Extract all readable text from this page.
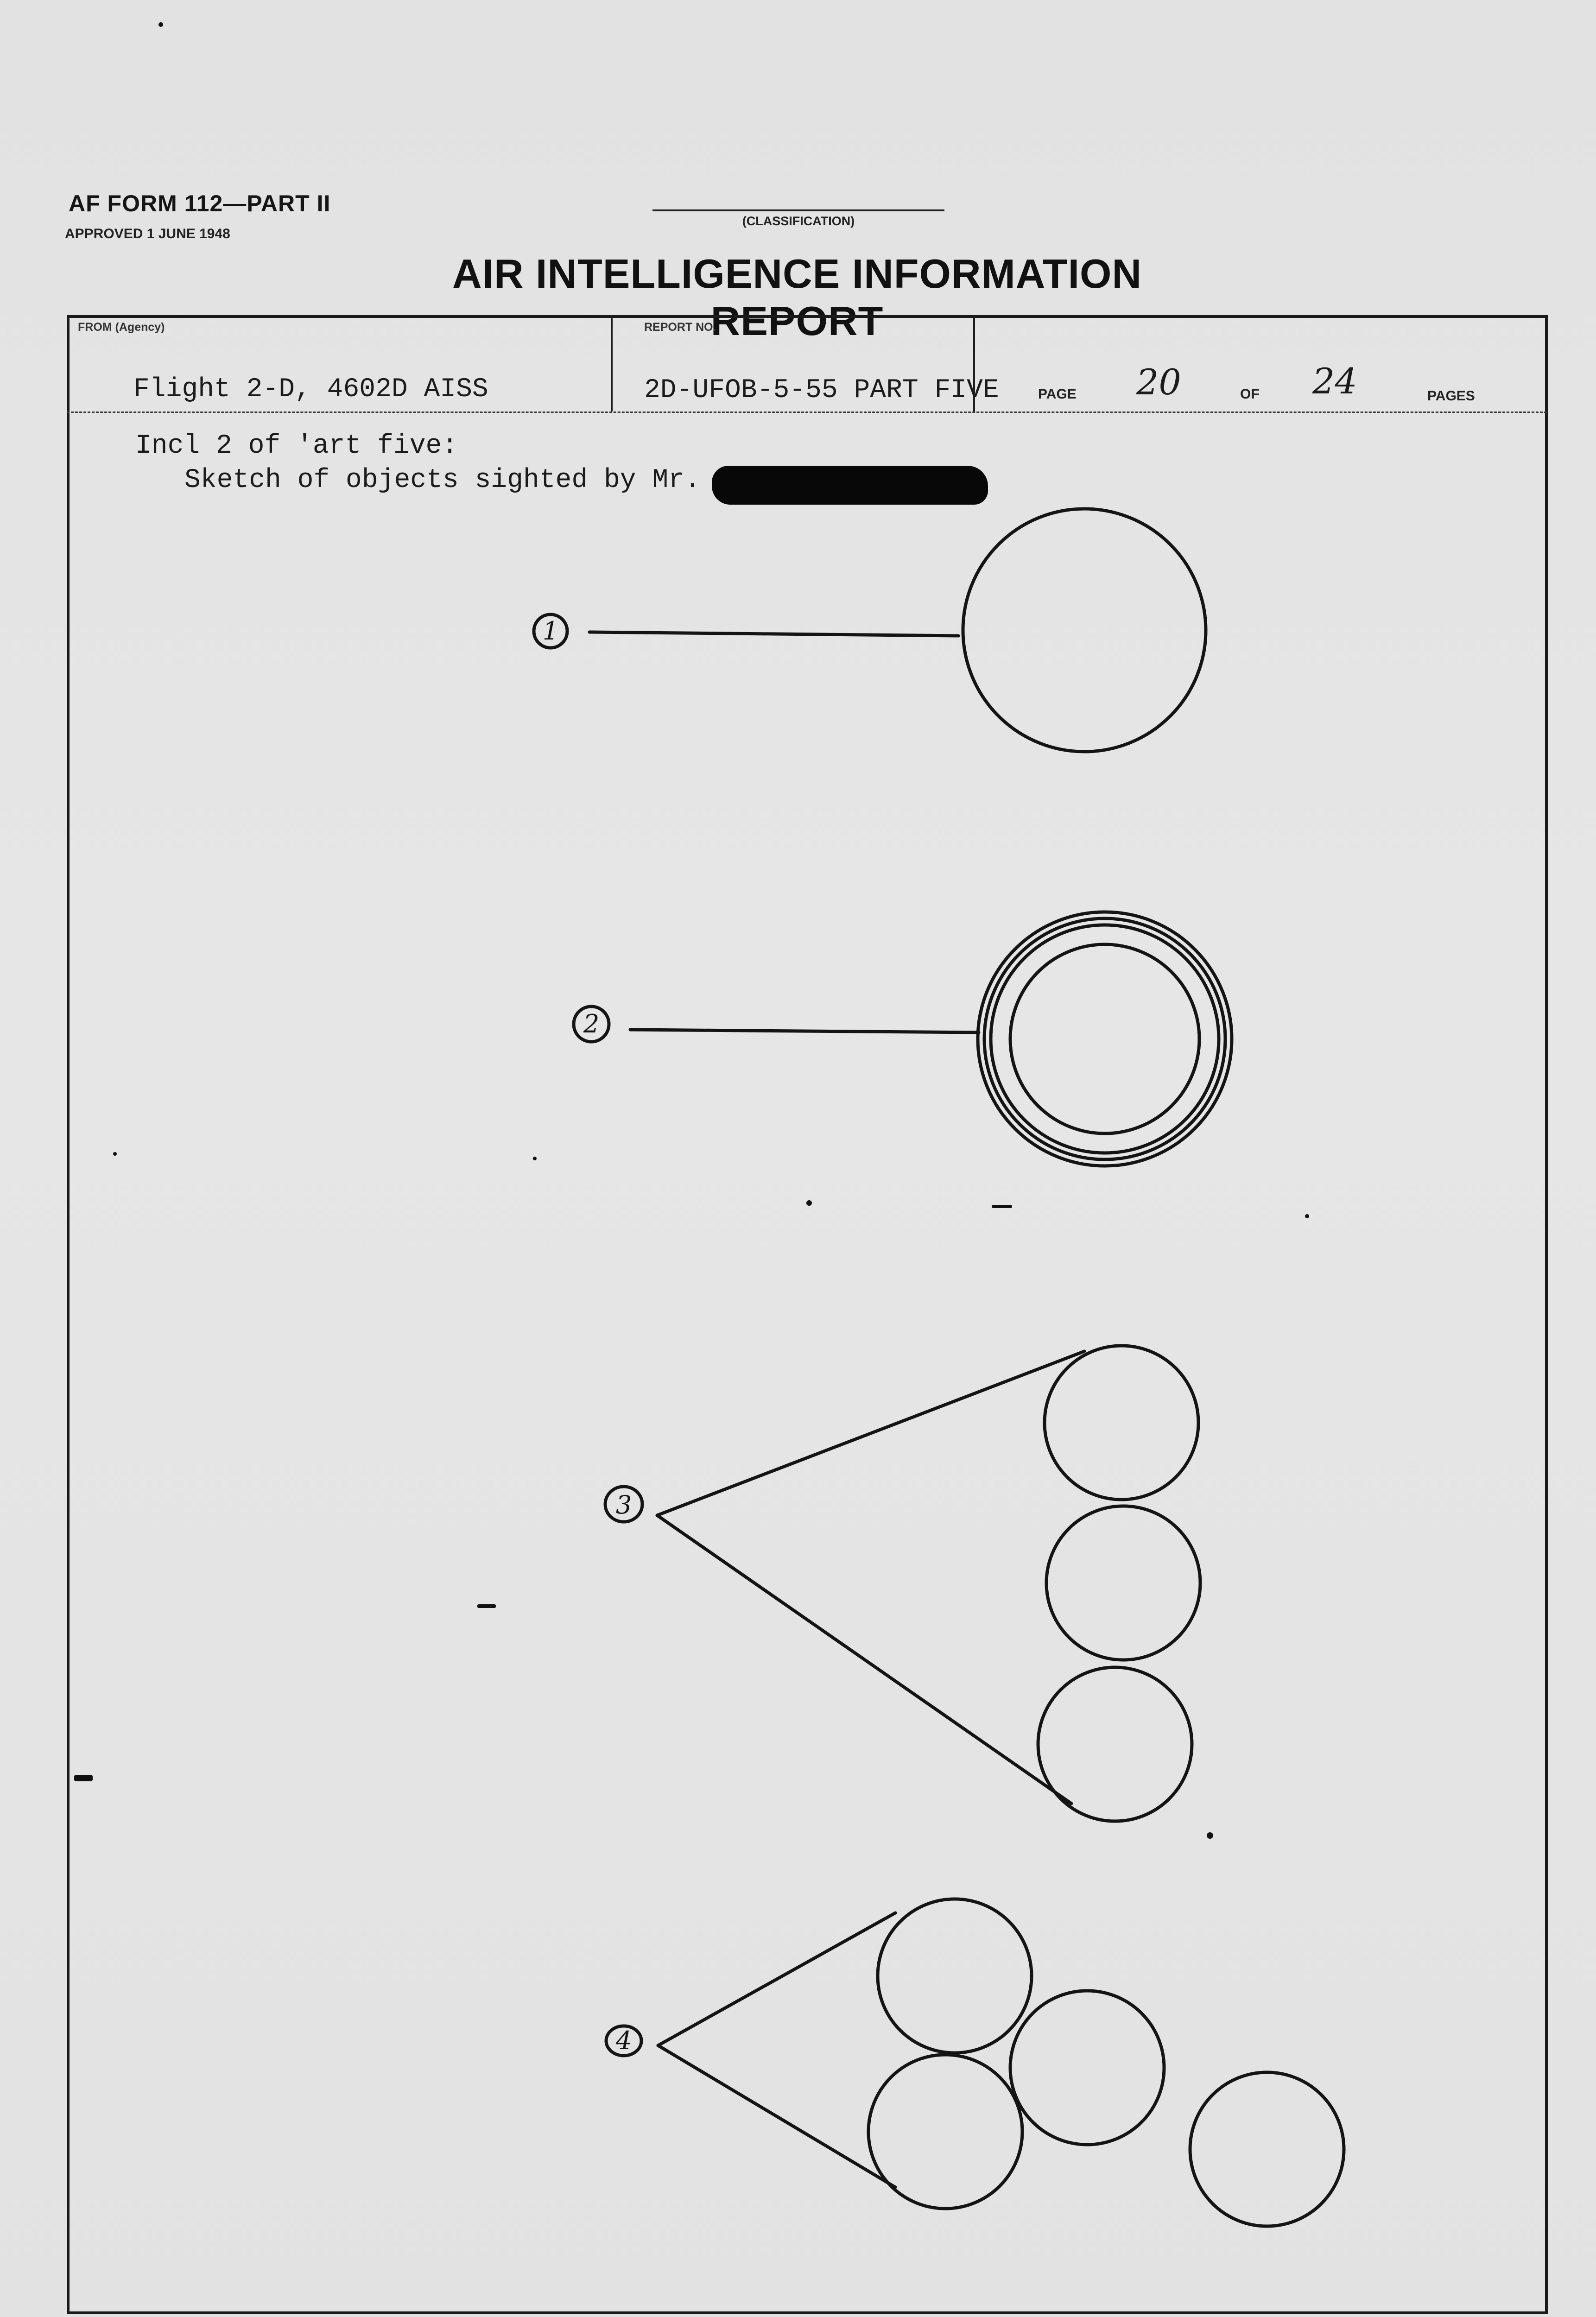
AF FORM 112—PART II
APPROVED 1 JUNE 1948
(CLASSIFICATION)
AIR INTELLIGENCE INFORMATION REPORT
FROM (Agency)	REPORT NO.
Flight 2-D, 4602D AISS	2D-UFOB-5-55 PART FIVE	PAGE 20	OF 24	PAGES
Incl 2 of 'art five:
Sketch of objects sighted by Mr.
1
2
3
4
